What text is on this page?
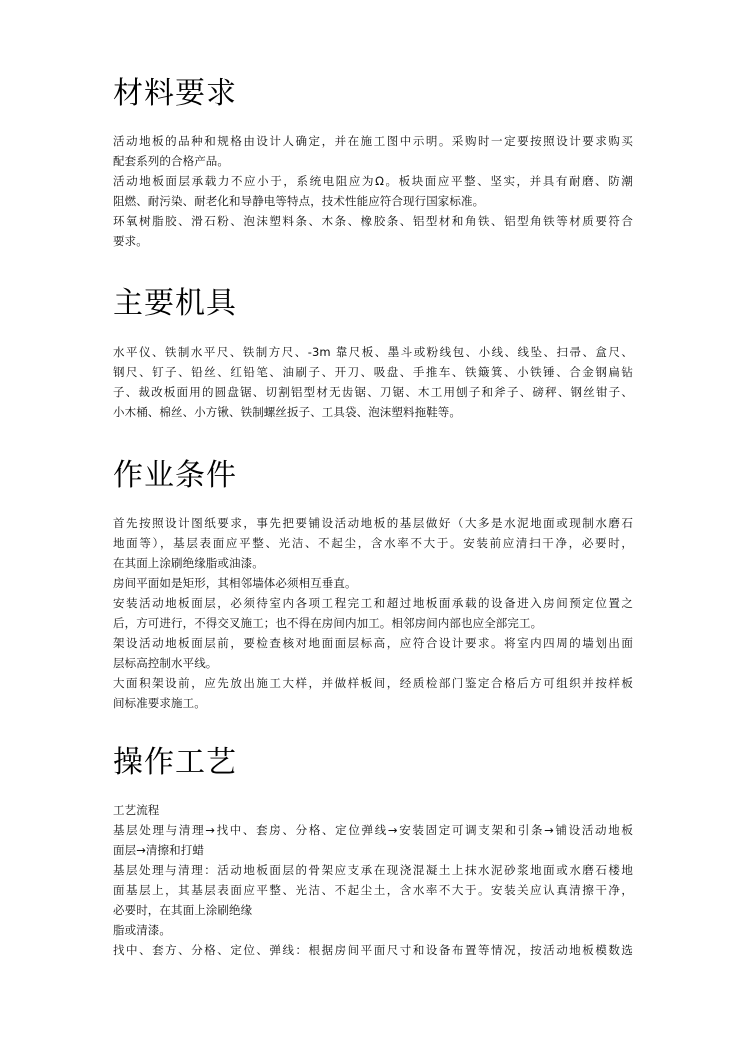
材料要求

活动地板的品种和规格由设计人确定，并在施工图中示明。采购时一定要按照设计要求购买

配套系列的合格产品。

活动地板面层承载力不应小于，系统电阻应为Ω。板块面应平整、坚实，并具有耐磨、防潮

阻燃、耐污染、耐老化和导静电等特点，技术性能应符合现行国家标准。

环氧树脂胶、滑石粉、泡沫塑料条、木条、橡胶条、铝型材和角铁、铝型角铁等材质要符合

要求。

主要机具

水平仪、铁制水平尺、铁制方尺、-3m 靠尺板、墨斗或粉线包、小线、线坠、扫帚、盒尺、

钢尺、钉子、铅丝、红铅笔、油刷子、开刀、吸盘、手推车、铁簸箕、小铁锤、合金钢扁钻

子、裁改板面用的圆盘锯、切割铝型材无齿锯、刀锯、木工用刨子和斧子、磅秤、钢丝钳子、

小木桶、棉丝、小方锹、铁制螺丝扳子、工具袋、泡沫塑料拖鞋等。

作业条件

首先按照设计图纸要求，事先把要铺设活动地板的基层做好（大多是水泥地面或现制水磨石

地面等），基层表面应平整、光洁、不起尘，含水率不大于。安装前应清扫干净，必要时，

在其面上涂刷绝缘脂或油漆。

房间平面如是矩形，其相邻墙体必须相互垂直。

安装活动地板面层，必须待室内各项工程完工和超过地板面承载的设备进入房间预定位置之

后，方可进行，不得交叉施工；也不得在房间内加工。相邻房间内部也应全部完工。

架设活动地板面层前，要检查核对地面面层标高，应符合设计要求。将室内四周的墙划出面

层标高控制水平线。

大面积架设前，应先放出施工大样，并做样板间，经质检部门鉴定合格后方可组织并按样板

间标准要求施工。

操作工艺

工艺流程

基层处理与清理→找中、套房、分格、定位弹线→安装固定可调支架和引条→铺设活动地板

面层→清擦和打蜡

基层处理与清理：活动地板面层的骨架应支承在现浇混凝土上抹水泥砂浆地面或水磨石楼地

面基层上，其基层表面应平整、光洁、不起尘土，含水率不大于。安装关应认真清擦干净，

必要时，在其面上涂刷绝缘

脂或清漆。

找中、套方、分格、定位、弹线：根据房间平面尺寸和设备布置等情况，按活动地板模数选
